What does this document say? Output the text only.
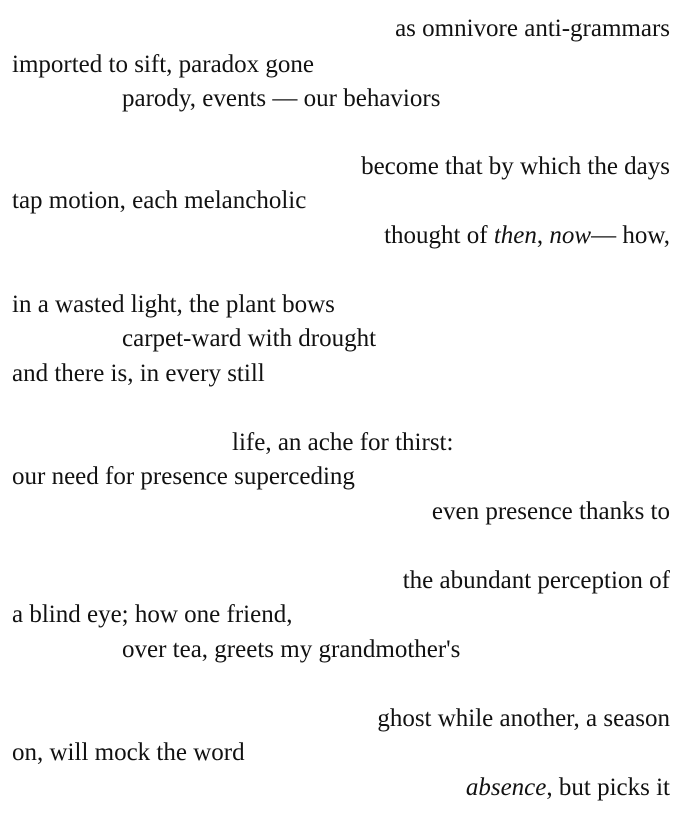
as omnivore anti-grammars
imported to sift, paradox gone
parody, events — our behaviors
become that by which the days
tap motion, each melancholic
thought of then, now— how,
in a wasted light, the plant bows
carpet-ward with drought
and there is, in every still
life, an ache for thirst:
our need for presence superceding
even presence thanks to
the abundant perception of
a blind eye; how one friend,
over tea, greets my grandmother's
ghost while another, a season
on, will mock the word
absence, but picks it
